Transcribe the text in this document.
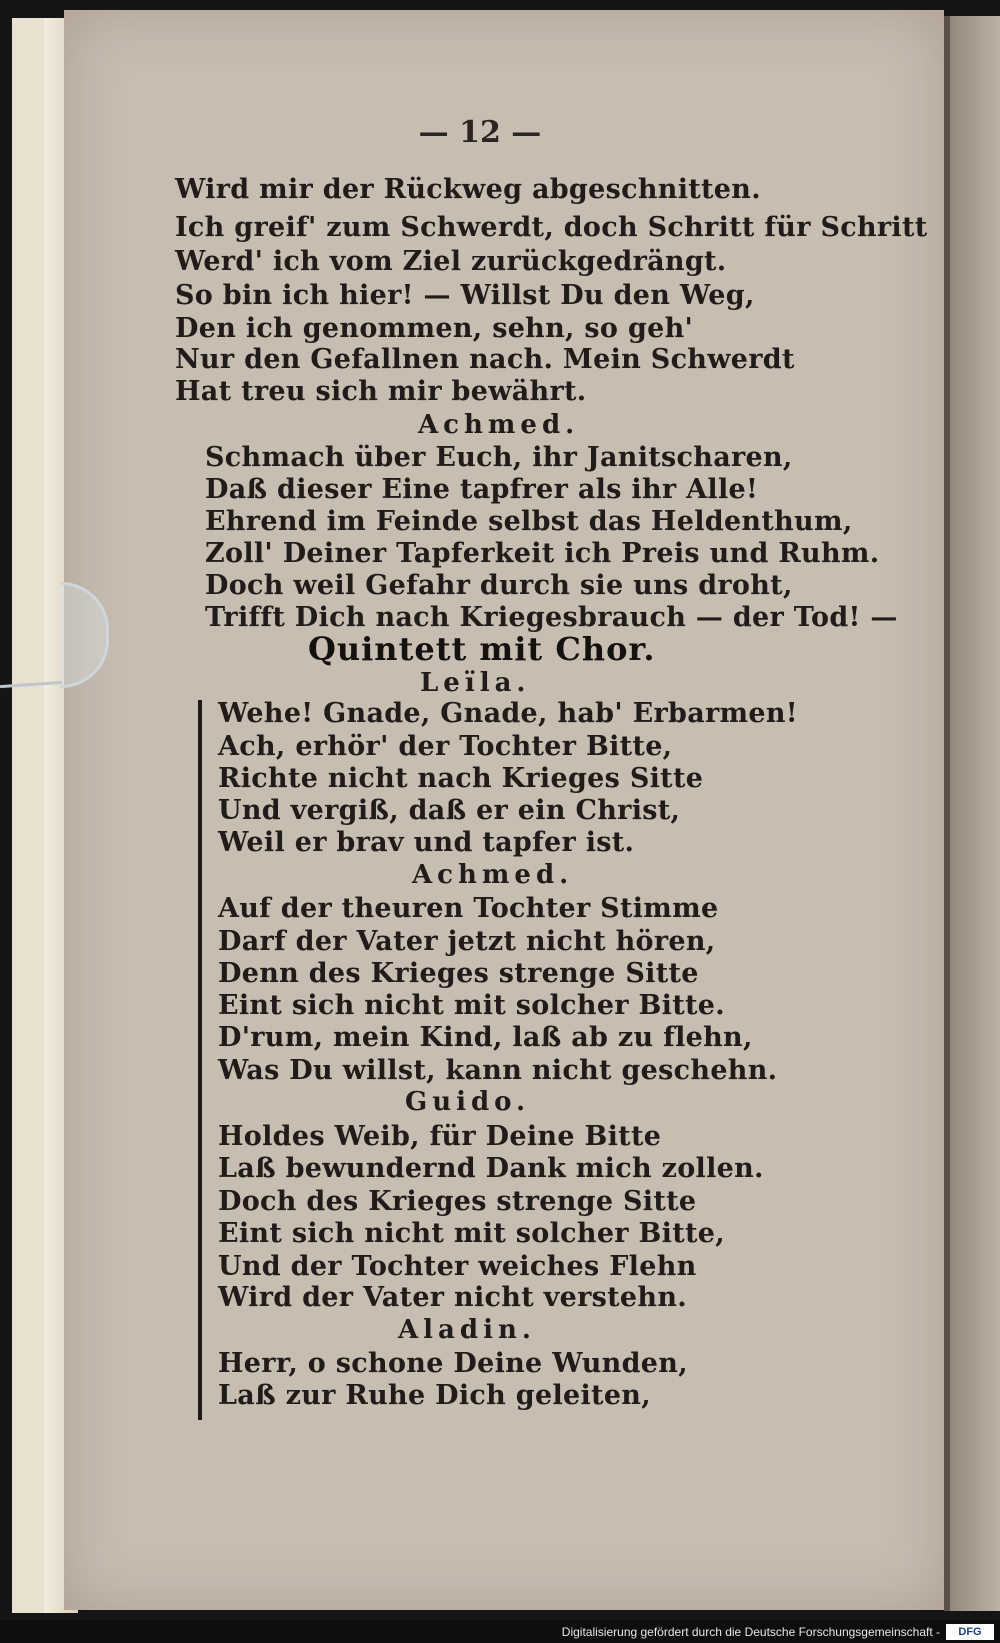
— 12 —
Wird mir der Rückweg abgeschnitten.
Ich greif' zum Schwerdt, doch Schritt für Schritt
Werd' ich vom Ziel zurückgedrängt.
So bin ich hier! — Willst Du den Weg,
Den ich genommen, sehn, so geh'
Nur den Gefallnen nach. Mein Schwerdt
Hat treu sich mir bewährt.
Achmed.
Schmach über Euch, ihr Janitscharen,
Daß dieser Eine tapfrer als ihr Alle!
Ehrend im Feinde selbst das Heldenthum,
Zoll' Deiner Tapferkeit ich Preis und Ruhm.
Doch weil Gefahr durch sie uns droht,
Trifft Dich nach Kriegesbrauch — der Tod! —
Quintett mit Chor.
Leïla.
Wehe! Gnade, Gnade, hab' Erbarmen!
Ach, erhör' der Tochter Bitte,
Richte nicht nach Krieges Sitte
Und vergiß, daß er ein Christ,
Weil er brav und tapfer ist.
Achmed.
Auf der theuren Tochter Stimme
Darf der Vater jetzt nicht hören,
Denn des Krieges strenge Sitte
Eint sich nicht mit solcher Bitte.
D'rum, mein Kind, laß ab zu flehn,
Was Du willst, kann nicht geschehn.
Guido.
Holdes Weib, für Deine Bitte
Laß bewundernd Dank mich zollen.
Doch des Krieges strenge Sitte
Eint sich nicht mit solcher Bitte,
Und der Tochter weiches Flehn
Wird der Vater nicht verstehn.
Aladin.
Herr, o schone Deine Wunden,
Laß zur Ruhe Dich geleiten,
Digitalisierung gefördert durch die Deutsche Forschungsgemeinschaft -	DFG
